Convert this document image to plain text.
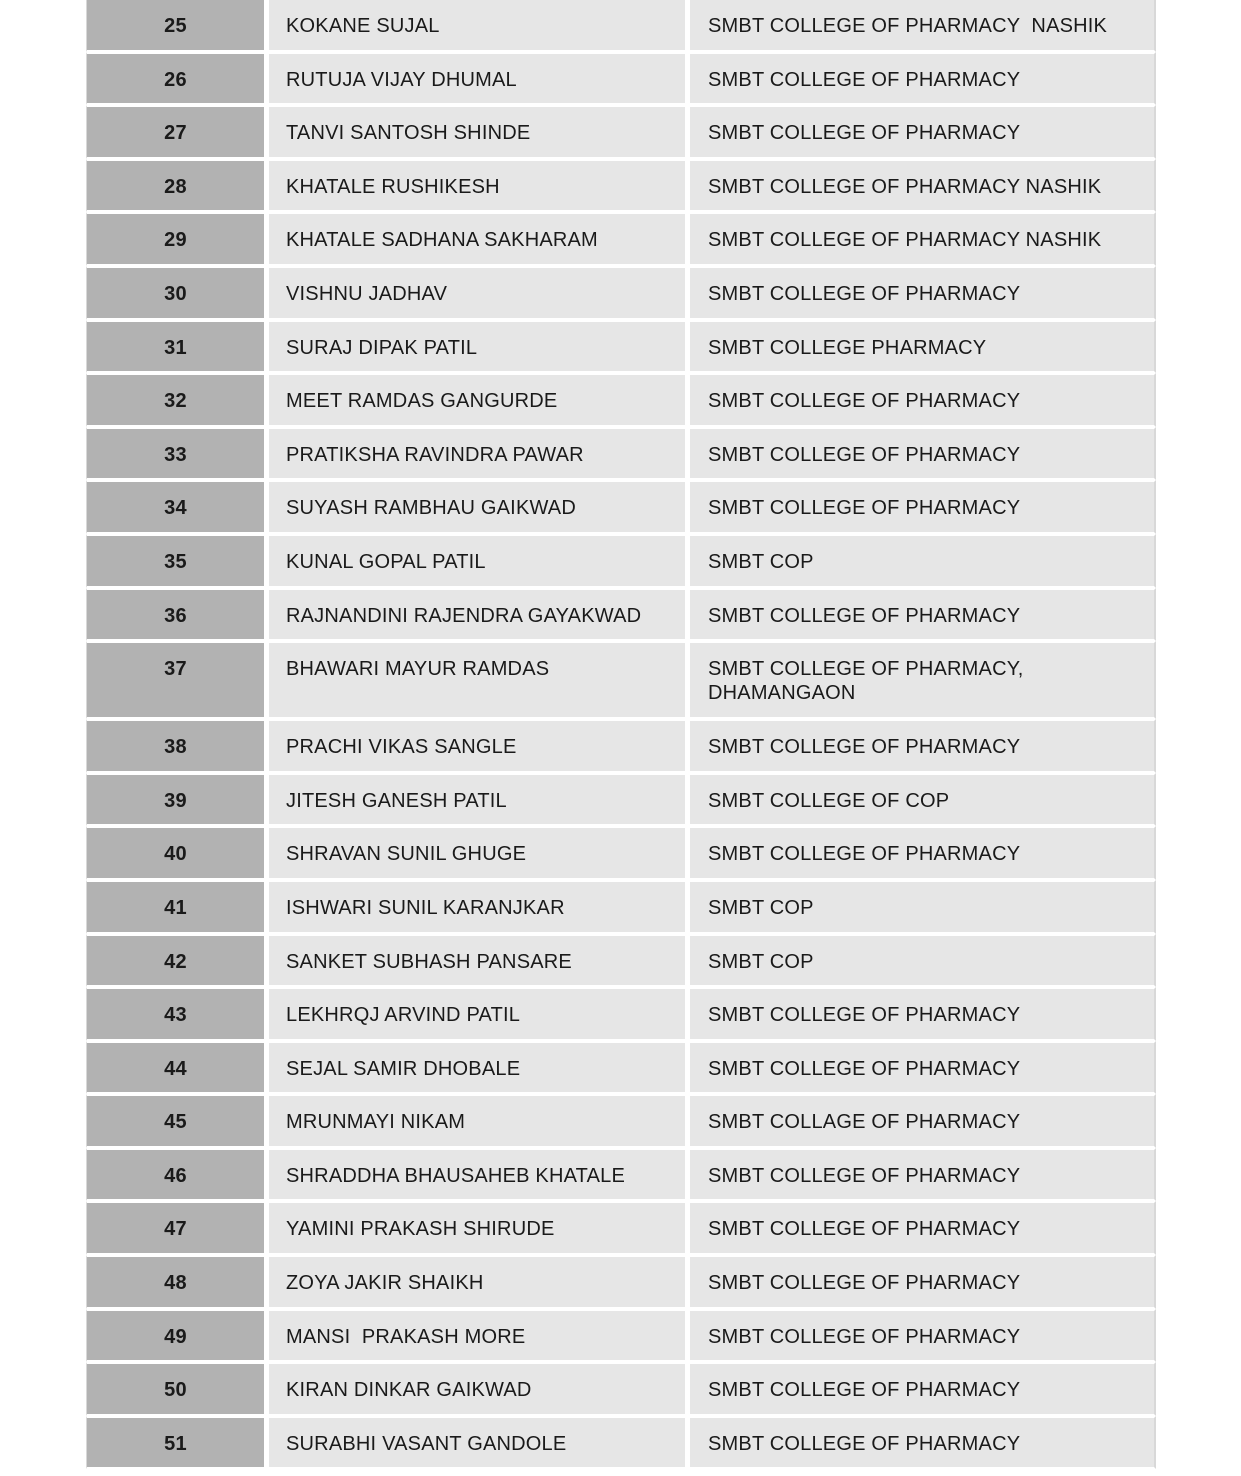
25	KOKANE SUJAL	SMBT COLLEGE OF PHARMACY  NASHIK
26	RUTUJA VIJAY DHUMAL	SMBT COLLEGE OF PHARMACY
27	TANVI SANTOSH SHINDE	SMBT COLLEGE OF PHARMACY
28	KHATALE RUSHIKESH	SMBT COLLEGE OF PHARMACY NASHIK
29	KHATALE SADHANA SAKHARAM	SMBT COLLEGE OF PHARMACY NASHIK
30	VISHNU JADHAV	SMBT COLLEGE OF PHARMACY
31	SURAJ DIPAK PATIL	SMBT COLLEGE PHARMACY
32	MEET RAMDAS GANGURDE	SMBT COLLEGE OF PHARMACY
33	PRATIKSHA RAVINDRA PAWAR	SMBT COLLEGE OF PHARMACY
34	SUYASH RAMBHAU GAIKWAD	SMBT COLLEGE OF PHARMACY
35	KUNAL GOPAL PATIL	SMBT COP
36	RAJNANDINI RAJENDRA GAYAKWAD	SMBT COLLEGE OF PHARMACY
37	BHAWARI MAYUR RAMDAS	SMBT COLLEGE OF PHARMACY,
DHAMANGAON
38	PRACHI VIKAS SANGLE	SMBT COLLEGE OF PHARMACY
39	JITESH GANESH PATIL	SMBT COLLEGE OF COP
40	SHRAVAN SUNIL GHUGE	SMBT COLLEGE OF PHARMACY
41	ISHWARI SUNIL KARANJKAR	SMBT COP
42	SANKET SUBHASH PANSARE	SMBT COP
43	LEKHRQJ ARVIND PATIL	SMBT COLLEGE OF PHARMACY
44	SEJAL SAMIR DHOBALE	SMBT COLLEGE OF PHARMACY
45	MRUNMAYI NIKAM	SMBT COLLAGE OF PHARMACY
46	SHRADDHA BHAUSAHEB KHATALE	SMBT COLLEGE OF PHARMACY
47	YAMINI PRAKASH SHIRUDE	SMBT COLLEGE OF PHARMACY
48	ZOYA JAKIR SHAIKH	SMBT COLLEGE OF PHARMACY
49	MANSI  PRAKASH MORE	SMBT COLLEGE OF PHARMACY
50	KIRAN DINKAR GAIKWAD	SMBT COLLEGE OF PHARMACY
51	SURABHI VASANT GANDOLE	SMBT COLLEGE OF PHARMACY
